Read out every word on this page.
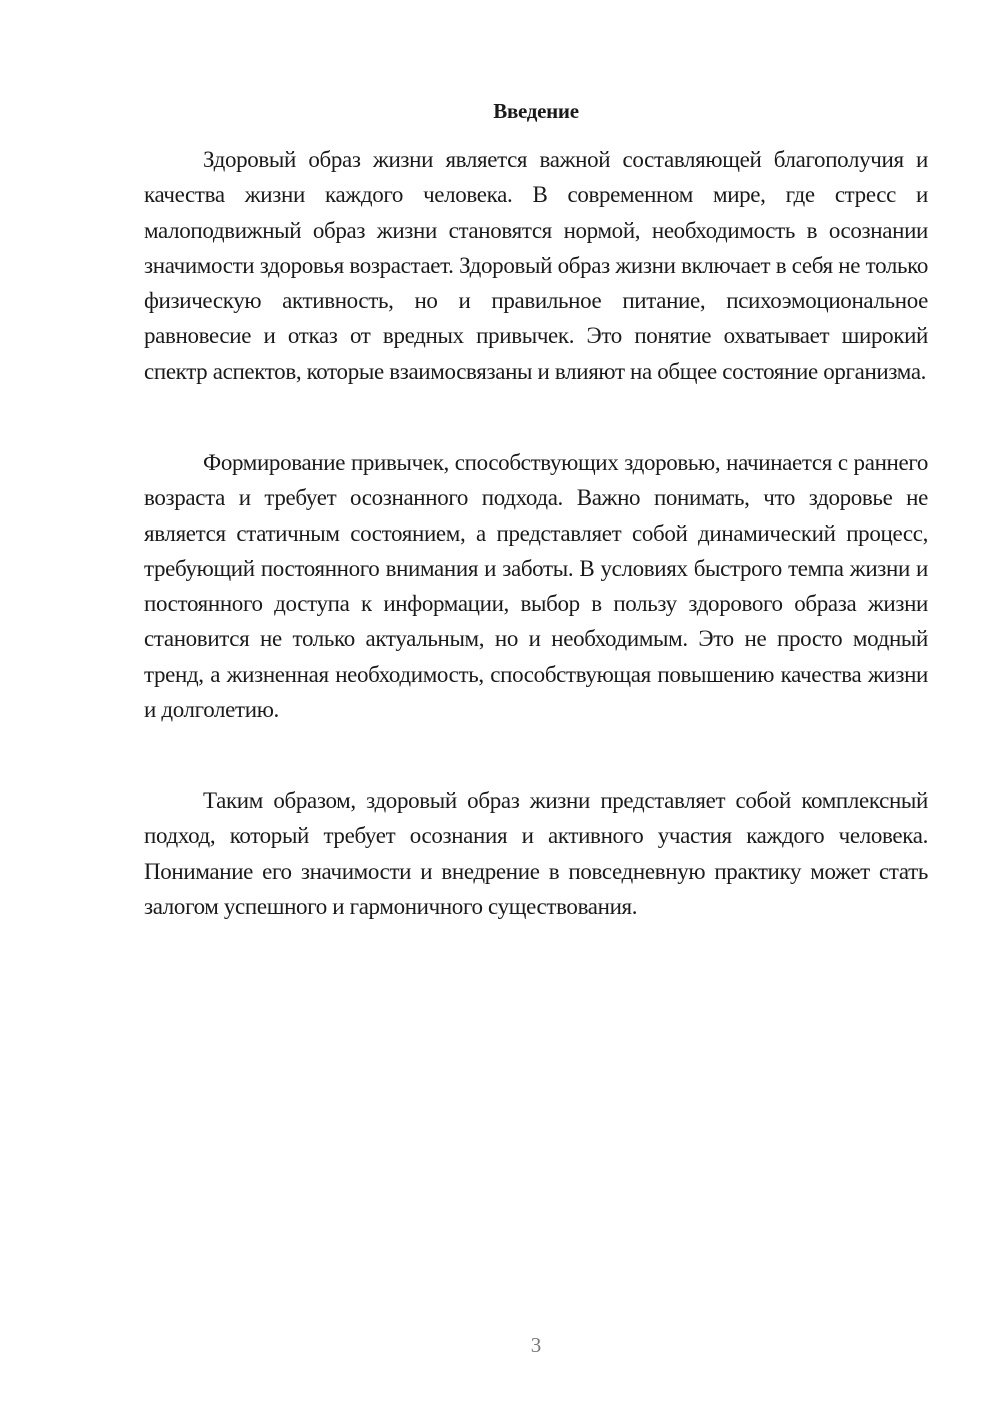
Введение

Здоровый образ жизни является важной составляющей благополучия и качества жизни каждого человека. В современном мире, где стресс и малоподвижный образ жизни становятся нормой, необходимость в осознании значимости здоровья возрастает. Здоровый образ жизни включает в себя не только физическую активность, но и правильное питание, психоэмоциональное равновесие и отказ от вредных привычек. Это понятие охватывает широкий спектр аспектов, которые взаимосвязаны и влияют на общее состояние организма.

Формирование привычек, способствующих здоровью, начинается с раннего возраста и требует осознанного подхода. Важно понимать, что здоровье не является статичным состоянием, а представляет собой динамический процесс, требующий постоянного внимания и заботы. В условиях быстрого темпа жизни и постоянного доступа к информации, выбор в пользу здорового образа жизни становится не только актуальным, но и необходимым. Это не просто модный тренд, а жизненная необходимость, способствующая повышению качества жизни и долголетию.

Таким образом, здоровый образ жизни представляет собой комплексный подход, который требует осознания и активного участия каждого человека. Понимание его значимости и внедрение в повседневную практику может стать залогом успешного и гармоничного существования.

3
